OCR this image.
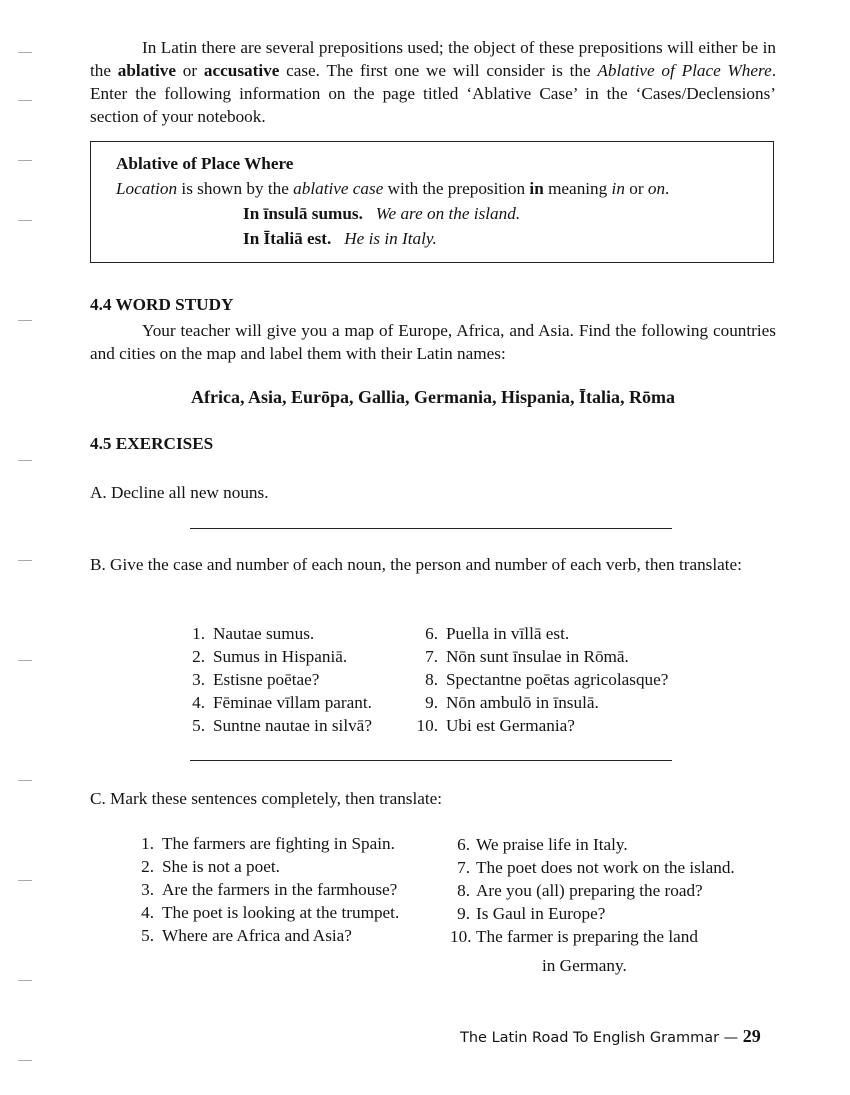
In Latin there are several prepositions used; the object of these prepositions will either be in the ablative or accusative case. The first one we will consider is the Ablative of Place Where. Enter the following information on the page titled ‘Ablative Case’ in the ‘Cases/Declensions’ section of your notebook.

Ablative of Place Where
Location is shown by the ablative case with the preposition in meaning in or on.
In īnsulā sumus. We are on the island.
In Ītaliā est. He is in Italy.
4.4 WORD STUDY

Your teacher will give you a map of Europe, Africa, and Asia. Find the following countries and cities on the map and label them with their Latin names:

Africa, Asia, Eurōpa, Gallia, Germania, Hispania, Ītalia, Rōma
4.5 EXERCISES
A. Decline all new nouns.

B. Give the case and number of each noun, the person and number of each verb, then translate:

1. Nautae sumus.
2. Sumus in Hispaniā.
3. Estisne poētae?
4. Fēminae vīllam parant.
5. Suntne nautae in silvā?
6. Puella in vīllā est.
7. Nōn sunt īnsulae in Rōmā.
8. Spectantne poētas agricolasque?
9. Nōn ambulō in īnsulā.
10. Ubi est Germania?
C. Mark these sentences completely, then translate:
1. The farmers are fighting in Spain.
2. She is not a poet.
3. Are the farmers in the farmhouse?
4. The poet is looking at the trumpet.
5. Where are Africa and Asia?
6. We praise life in Italy.
7. The poet does not work on the island.
8. Are you (all) preparing the road?
9. Is Gaul in Europe?
10. The farmer is preparing the land
in Germany.
The Latin Road To English Grammar — 29
